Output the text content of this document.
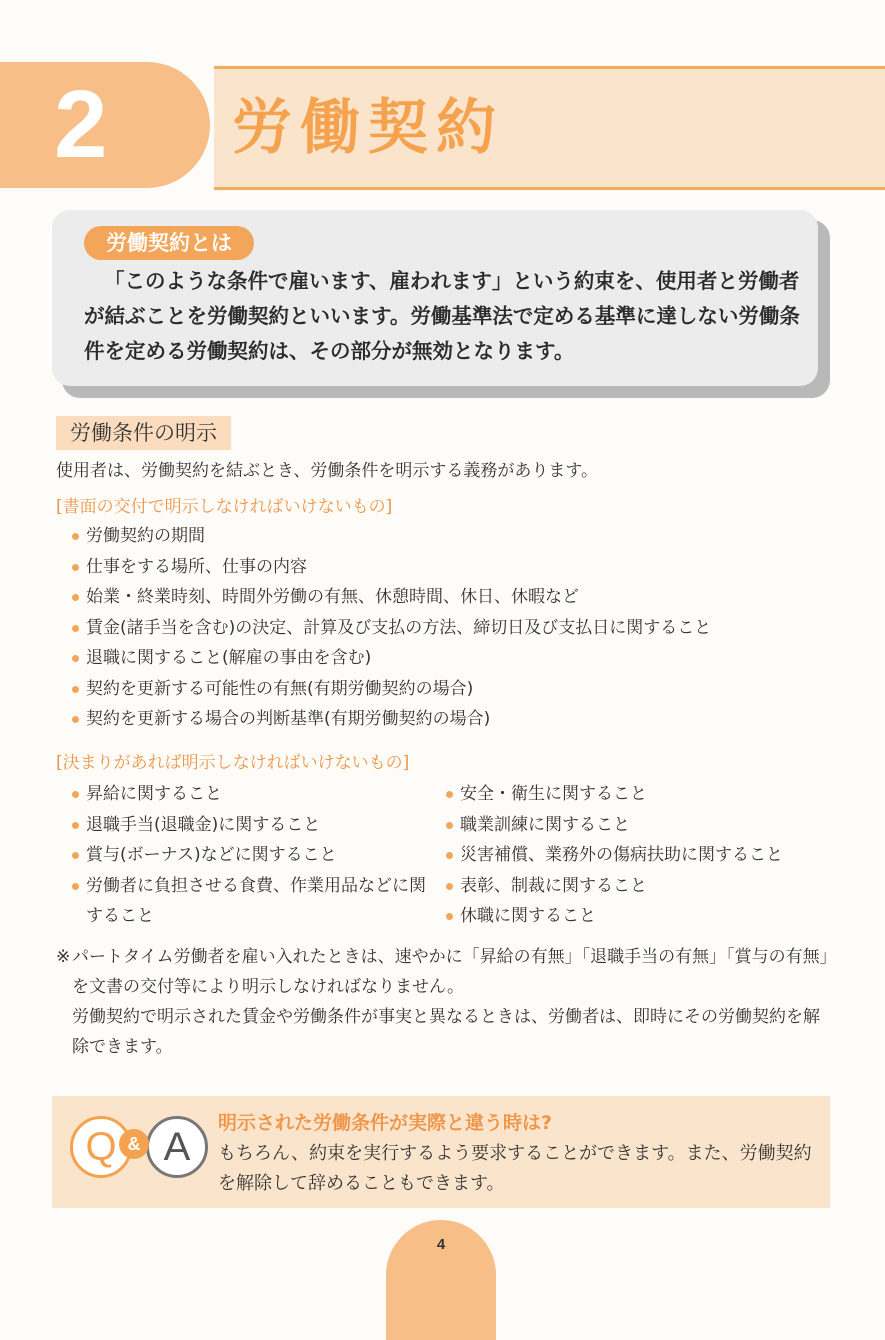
2 労働契約
労働契約とは
「このような条件で雇います、雇われます」という約束を、使用者と労働者が結ぶことを労働契約といいます。労働基準法で定める基準に達しない労働条件を定める労働契約は、その部分が無効となります。
労働条件の明示
使用者は、労働契約を結ぶとき、労働条件を明示する義務があります。
[書面の交付で明示しなければいけないもの]
労働契約の期間
仕事をする場所、仕事の内容
始業・終業時刻、時間外労働の有無、休憩時間、休日、休暇など
賃金(諸手当を含む)の決定、計算及び支払の方法、締切日及び支払日に関すること
退職に関すること(解雇の事由を含む)
契約を更新する可能性の有無(有期労働契約の場合)
契約を更新する場合の判断基準(有期労働契約の場合)
[決まりがあれば明示しなければいけないもの]
昇給に関すること
退職手当(退職金)に関すること
賞与(ボーナス)などに関すること
労働者に負担させる食費、作業用品などに関すること
安全・衛生に関すること
職業訓練に関すること
災害補償、業務外の傷病扶助に関すること
表彰、制裁に関すること
休職に関すること
※ パートタイム労働者を雇い入れたときは、速やかに「昇給の有無」「退職手当の有無」「賞与の有無」を文書の交付等により明示しなければなりません。
労働契約で明示された賃金や労働条件が事実と異なるときは、労働者は、即時にその労働契約を解除できます。
Q	A
&
明示された労働条件が実際と違う時は?
もちろん、約束を実行するよう要求することができます。また、労働契約を解除して辞めることもできます。
4
